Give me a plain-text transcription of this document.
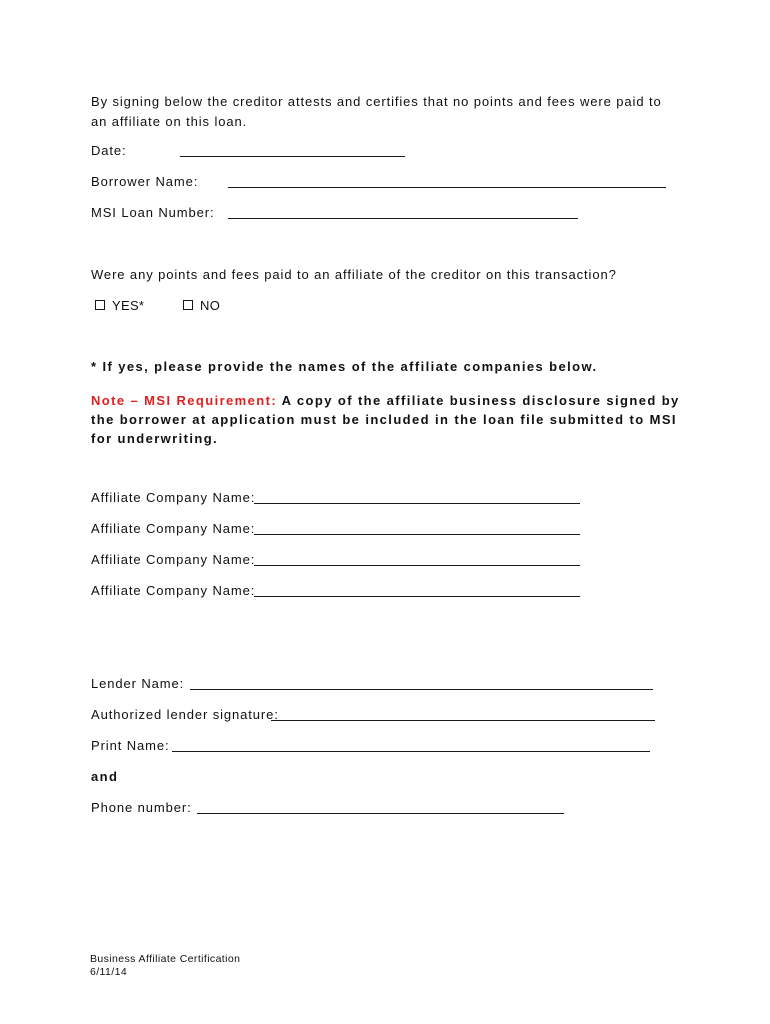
By signing below the creditor attests and certifies that no points and fees were paid to an affiliate on this loan.
Date:
Borrower Name:
MSI Loan Number:
Were any points and fees paid to an affiliate of the creditor on this transaction?
YES*	NO
* If yes, please provide the names of the affiliate companies below.
Note – MSI Requirement: A copy of the affiliate business disclosure signed by the borrower at application must be included in the loan file submitted to MSI for underwriting.
Affiliate Company Name:
Affiliate Company Name:
Affiliate Company Name:
Affiliate Company Name:
Lender Name:
Authorized lender signature:
Print Name:
and
Phone number:
Business Affiliate Certification
6/11/14
